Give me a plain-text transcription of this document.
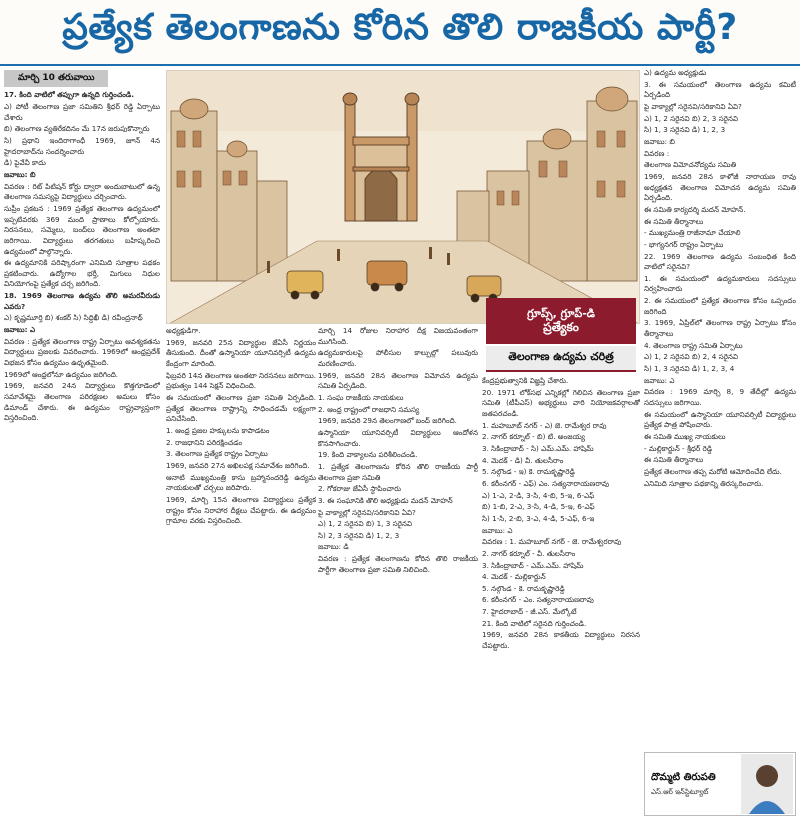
ప్రత్యేక తెలంగాణను కోరిన తొలి రాజకీయ పార్టీ?
మార్చి 10 తరువాయి

17. కింది వాటిలో తప్పుగా ఉన్నది గుర్తించండి.

ఎ) పోటీ తెలంగాణ ప్రజా సమితిని శ్రీధర్ రెడ్డి ఏర్పాటు చేశారు

బి) తెలంగాణ వ్యతిరేకదినం మే 17న జరుపుకొన్నారు

సి) ప్రథాని ఇందిరాగాంధీ 1969, జూన్ 4న హైదరాబాద్‌ను సందర్శించారు

డి) పైవేవీ కాదు

జవాబు: బి

వివరణ : రిట్ పిటిషన్ కోర్టు ద్వారా అందుబాటులో ఉన్న తెలంగాణ సమస్యపై విద్యార్థులు చర్చించారు.

సుప్రీం ప్రకటన : 1969 ప్రత్యేక తెలంగాణ ఉద్యమంలో ఇప్పటివరకు 369 మంది ప్రాణాలు కోల్పోయారు. నిరసనలు, సమ్మెలు, బంద్‌లు తెలంగాణ అంతటా జరిగాయి. విద్యార్థులు తరగతులు బహిష్కరించి ఉద్యమంలో పాల్గొన్నారు.

ఈ ఉద్యమానికి పరిష్కారంగా ఎనిమిది సూత్రాల పథకం ప్రకటించారు. ఉద్యోగాల భర్తీ, మిగులు నిధుల వినియోగంపై ప్రత్యేక చర్చ జరిగింది.

18. 1969 తెలంగాణ ఉద్యమ తొలి అమరవీరుడు ఎవరు?

ఎ) కృష్ణమూర్తి బి) శంకర్ సి) సిద్ధిఖీ డి) రవీంద్రనాథ్

జవాబు: ఎ

వివరణ : ప్రత్యేక తెలంగాణ రాష్ట్ర ఏర్పాటు ఆవశ్యకతను విద్యార్థులు ప్రజలకు వివరించారు. 1969లో ఆంధ్రప్రదేశ్ విభజన కోసం ఉద్యమం ఉధృతమైంది.

1969లో ఆంధ్రలోనూ ఉద్యమం జరిగింది.

1969, జనవరి 24న విద్యార్థులు కొత్తగూడెంలో సమావేశమై తెలంగాణ పరిరక్షణల అమలు కోసం డిమాండ్ చేశారు. ఈ ఉద్యమం రాష్ట్రవ్యాప్తంగా విస్తరించింది.

గ్రూప్స్, గ్రూప్-డి
ప్రత్యేకం
తెలంగాణ ఉద్యమ చరిత్ర

అధ్యక్షుడిగా.

1969, జనవరి 25న విద్యార్థుల జేఏసీ నిర్ణయం తీసుకుంది. దీంతో ఉస్మానియా యూనివర్సిటీ ఉద్యమ కేంద్రంగా మారింది.

ఫిబ్రవరి 14న తెలంగాణ అంతటా నిరసనలు జరిగాయి. ప్రభుత్వం 144 సెక్షన్ విధించింది.

ఈ సమయంలో తెలంగాణ ప్రజా సమితి ఏర్పడింది. ప్రత్యేక తెలంగాణ రాష్ట్రాన్ని సాధించడమే లక్ష్యంగా పనిచేసింది.

1. ఆంధ్ర ప్రజల హక్కులను కాపాడటం

2. రాజధానిని పరిరక్షించడం

3. తెలంగాణ ప్రత్యేక రాష్ట్రం ఏర్పాటు

1969, జనవరి 27న అఖిలపక్ష సమావేశం జరిగింది.

ఆనాటి ముఖ్యమంత్రి కాసు బ్రహ్మానందరెడ్డి ఉద్యమ నాయకులతో చర్చలు జరిపారు.

1969, మార్చి 15న తెలంగాణ విద్యార్థులు ప్రత్యేక రాష్ట్రం కోసం నిరాహార దీక్షలు చేపట్టారు. ఈ ఉద్యమం గ్రామాల వరకు విస్తరించింది.

మార్చి 14 రోజుల నిరాహార దీక్ష విజయవంతంగా ముగిసింది.

ఉద్యమకారులపై పోలీసుల కాల్పుల్లో పలువురు మరణించారు.

1969, జనవరి 28న తెలంగాణ విమోచన ఉద్యమ సమితి ఏర్పడింది.

1. సంఘ రాజకీయ నాయకులు

2. ఆంధ్ర రాష్ట్రంలో రాజధాని సమస్య

1969, జనవరి 29న తెలంగాణలో బంద్ జరిగింది.

ఉస్మానియా యూనివర్సిటీ విద్యార్థులు ఆందోళన కొనసాగించారు.

19. కింది వాక్యాలను పరిశీలించండి.

1. ప్రత్యేక తెలంగాణను కోరిన తొలి రాజకీయ పార్టీ తెలంగాణ ప్రజా సమితి

2. గోకరాజు జేఏసీ స్థాపించారు

3. ఈ సంఘానికి తొలి అధ్యక్షుడు మదన్ మోహన్

పై వాక్యాల్లో సరైనవి/సరికానివి ఏవి?

ఎ) 1, 2 సరైనవి బి) 1, 3 సరైనవి

సి) 2, 3 సరైనవి డి) 1, 2, 3

జవాబు: డి

వివరణ : ప్రత్యేక తెలంగాణను కోరిన తొలి రాజకీయ పార్టీగా తెలంగాణ ప్రజా సమితి నిలిచింది.

కేంద్రప్రభుత్వానికి విజ్ఞప్తి చేశారు.

20. 1971 లోక్‌సభ ఎన్నికల్లో గెలిచిన తెలంగాణ ప్రజా సమితి (టీపీఎస్) అభ్యర్థులు వారి నియోజకవర్గాలతో జతపరచండి.

1. మహబూబ్ నగర్ - ఎ) జె. రామేశ్వర రావు

2. నాగర్ కర్నూల్ - బి) టి. అంజయ్య

3. సికింద్రాబాద్ - సి) ఎమ్.ఎమ్. హాషిమ్

4. మెదక్ - డి) వీ. తులసీరాం

5. నల్గొండ - ఇ) కె. రామకృష్ణారెడ్డి

6. కరీంనగర్ - ఎఫ్) ఎం. సత్యనారాయణరావు

ఎ) 1-ఎ, 2-డి, 3-సి, 4-బి, 5-ఇ, 6-ఎఫ్

బి) 1-బి, 2-ఎ, 3-సి, 4-డి, 5-ఇ, 6-ఎఫ్

సి) 1-సి, 2-బి, 3-ఎ, 4-డి, 5-ఎఫ్, 6-ఇ

జవాబు: ఎ

వివరణ : 1. మహబూబ్ నగర్ - జె. రామేశ్వరరావు

2. నాగర్ కర్నూల్ - వీ. తులసీరాం

3. సికింద్రాబాద్ - ఎమ్.ఎమ్. హాషిమ్

4. మెదక్ - మల్లికార్జున్

5. నల్గొండ - కె. రామకృష్ణారెడ్డి

6. కరీంనగర్ - ఎం. సత్యనారాయణరావు

7. హైదరాబాద్ - జీ.ఎస్. మేల్కోటే

21. కింది వాటిలో సరైనది గుర్తించండి.

1969, జనవరి 28న కాకతీయ విద్యార్థులు నిరసన చేపట్టారు.

ఎ) ఉద్యమ అధ్యక్షుడు

3. ఈ సమయంలో తెలంగాణ ఉద్యమ కమిటీ ఏర్పడింది

పై వాక్యాల్లో సరైనవి/సరికానివి ఏవి?

ఎ) 1, 2 సరైనవి బి) 2, 3 సరైనవి

సి) 1, 3 సరైనవి డి) 1, 2, 3

జవాబు: బి

వివరణ :

తెలంగాణ విమోచనోద్యమ సమితి

1969, జనవరి 28న కాళోజీ నారాయణ రావు అధ్యక్షతన తెలంగాణ విమోచన ఉద్యమ సమితి ఏర్పడింది.

ఈ సమితి కార్యదర్శి మదన్ మోహన్.

ఈ సమితి తీర్మానాలు

- ముఖ్యమంత్రి రాజీనామా చేయాలి

- భాగ్యనగర్ రాష్ట్రం ఏర్పాటు

22. 1969 తెలంగాణ ఉద్యమ సంబంధిత కింది వాటిలో సరైనవి?

1. ఈ సమయంలో ఉద్యమకారులు సదస్సులు నిర్వహించారు

2. ఈ సమయంలో ప్రత్యేక తెలంగాణ కోసం ఒప్పందం జరిగింది

3. 1969, ఏప్రిల్‌లో తెలంగాణ రాష్ట్ర ఏర్పాటు కోసం తీర్మానాలు

4. తెలంగాణ రాష్ట్ర సమితి ఏర్పాటు

ఎ) 1, 2 సరైనవి బి) 2, 4 సరైనవి

సి) 1, 3 సరైనవి డి) 1, 2, 3, 4

జవాబు: ఎ

వివరణ : 1969 మార్చి 8, 9 తేదీల్లో ఉద్యమ సదస్సులు జరిగాయి.

ఈ సమయంలో ఉస్మానియా యూనివర్సిటీ విద్యార్థులు ప్రత్యేక పాత్ర పోషించారు.

ఈ సమితి ముఖ్య నాయకులు

- మల్లికార్జున్ - శ్రీధర్ రెడ్డి

ఈ సమితి తీర్మానాలు

ప్రత్యేక తెలంగాణ తప్ప మరోటి ఆమోదించేది లేదు.

ఎనిమిది సూత్రాల పథకాన్ని తిరస్కరించారు.

దొమ్మటి తిరుపతి
ఎస్.ఆర్ ఇన్‌స్టిట్యూట్
